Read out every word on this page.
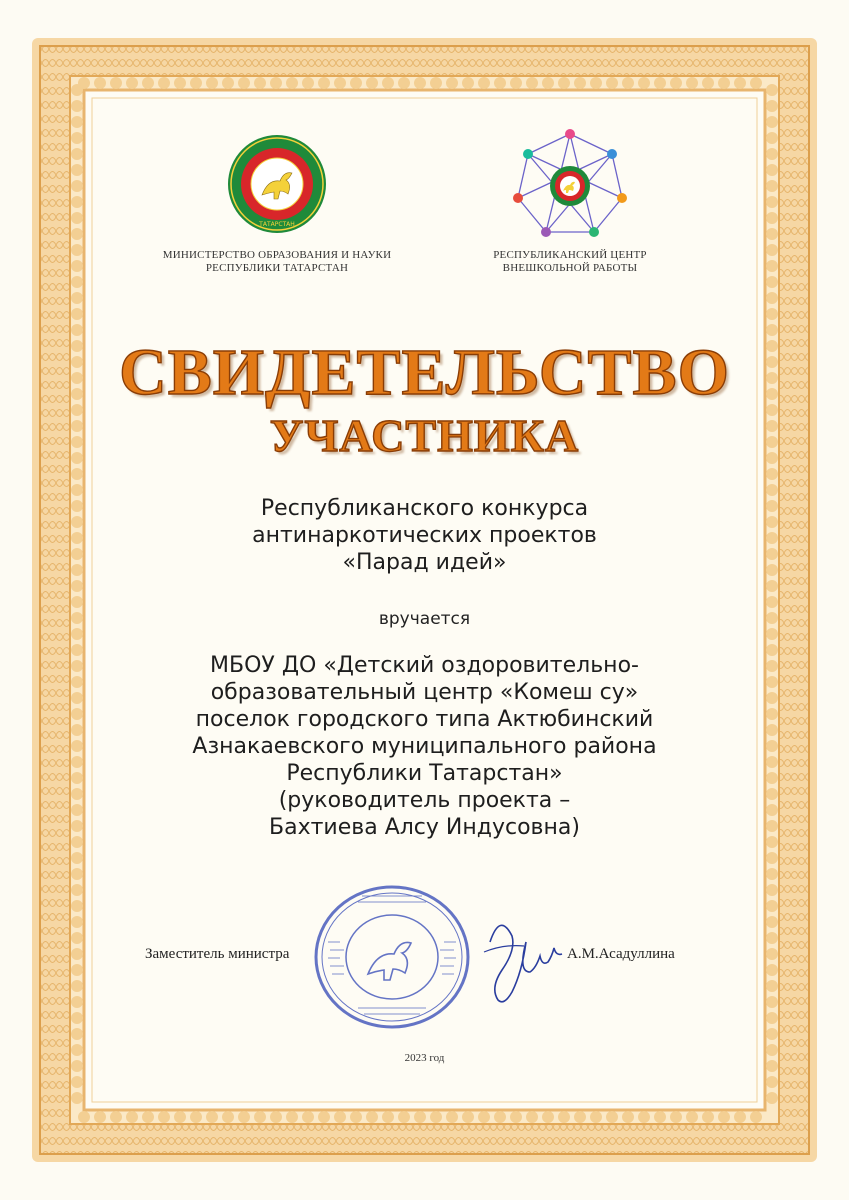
ТАТАРСТАН
МИНИСТЕРСТВО ОБРАЗОВАНИЯ И НАУКИ
РЕСПУБЛИКИ ТАТАРСТАН
РЕСПУБЛИКАНСКИЙ ЦЕНТР
ВНЕШКОЛЬНОЙ РАБОТЫ
СВИДЕТЕЛЬСТВО
УЧАСТНИКА
Республиканского конкурса
антинаркотических проектов
«Парад идей»
вручается
МБОУ ДО «Детский оздоровительно-
образовательный центр «Комеш су»
поселок городского типа Актюбинский
Азнакаевского муниципального района
Республики Татарстан»
(руководитель проекта –
Бахтиева Алсу Индусовна)
Заместитель министра	А.М.Асадуллина
2023 год
